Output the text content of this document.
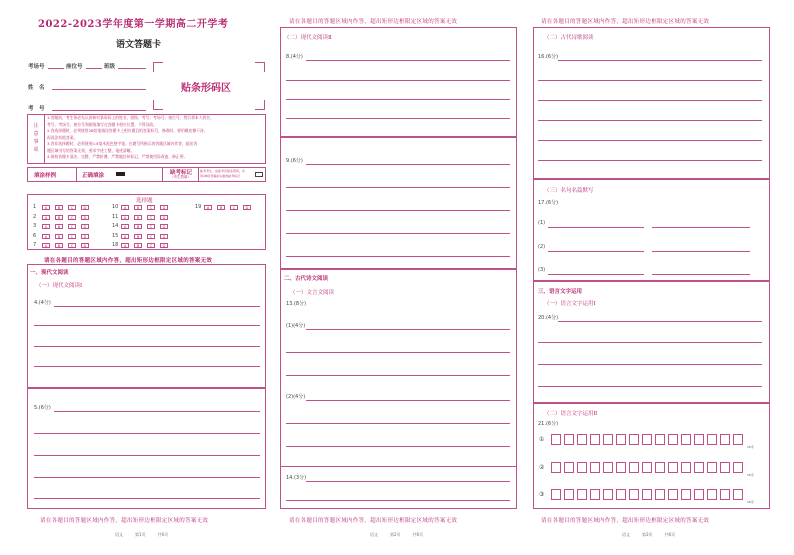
2022-2023学年度第一学期高二开学考
语文答题卡
考场号	座位号	班级
姓　名
考　号
贴条形码区
注意事项
1.答题前，考生务必先认真核对条形码上的姓名、班级、考号、考场号、座位号，然后将本人姓名、
考号、考场号、座位号和班级填写在答题卡相应位置，不得涂改。
2.答选择题时，必须使用2B铅笔填涂答题卡上相应题目的答案标号，修改时，要用橡皮擦干净，
再选涂其他答案。
3.答非选择题时，必须使用0.5毫米黑色签字笔，在题号所指示的答题区域内作答，超出答
题区域书写的答案无效，要求字迹工整，笔迹清晰。
4.保持答题卡清洁、完整，严禁折叠，严禁做任何标记，严禁使用涂改液、修正带。
填涂样例	正确填涂	缺考标记
（考生禁填）
缺考考生，由监考员贴条形码，并
用2B铅笔填涂右面的缺考标记
选择题
1	A	B	C	D
2	A	B	C	D
3	A	B	C	D
6	A	B	C	D
7	A	B	C	D
10	A	B	C	D
11	A	B	C	D
14	A	B	C	D
15	A	B	C	D
18	A	B	C	D
19	A	B	C	D
请在各题目的答题区域内作答，超出矩形边框限定区域的答案无效
一、现代文阅读
（一）现代文阅读Ⅰ
4.(4分)
5.(6分)
请在各题目的答题区域内作答，超出矩形边框限定区域的答案无效
语文　　　第1页　　　共6页
请在各题目的答题区域内作答，超出矩形边框限定区域的答案无效
（二）现代文阅读Ⅱ
8.(4分)
9.(6分)
二、古代诗文阅读
（一）文言文阅读
13.(8分)
(1)(4分)
(2)(4分)
14.(3分)
请在各题目的答题区域内作答，超出矩形边框限定区域的答案无效
语文　　　第2页　　　共6页
请在各题目的答题区域内作答，超出矩形边框限定区域的答案无效
（二）古代诗歌阅读
16.(6分)
（三）名句名篇默写
17.(6分)
(1)
(2)
(3)
三、语言文字运用
（一）语言文字运用Ⅰ
20.(4分)
（二）语言文字运用Ⅱ
21.(6分)
①
15字
②
15字
③
15字
请在各题目的答题区域内作答，超出矩形边框限定区域的答案无效
语文　　　第3页　　　共6页
